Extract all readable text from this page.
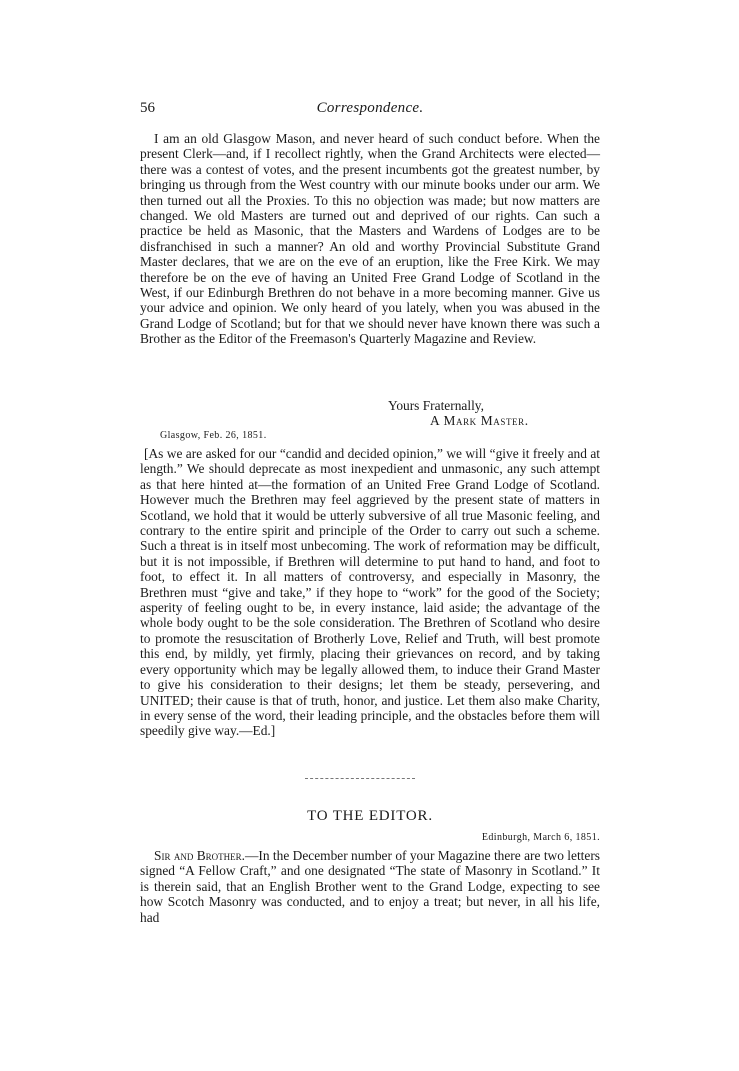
56	Correspondence.

I am an old Glasgow Mason, and never heard of such conduct before. When the present Clerk—and, if I recollect rightly, when the Grand Architects were elected—there was a contest of votes, and the present incumbents got the greatest number, by bringing us through from the West country with our minute books under our arm. We then turned out all the Proxies. To this no objection was made; but now matters are changed. We old Masters are turned out and deprived of our rights. Can such a practice be held as Masonic, that the Masters and Wardens of Lodges are to be disfranchised in such a manner? An old and worthy Provincial Substitute Grand Master declares, that we are on the eve of an eruption, like the Free Kirk. We may therefore be on the eve of having an United Free Grand Lodge of Scotland in the West, if our Edinburgh Brethren do not behave in a more becoming manner. Give us your advice and opinion. We only heard of you lately, when you was abused in the Grand Lodge of Scotland; but for that we should never have known there was such a Brother as the Editor of the Freemason's Quarterly Magazine and Review.

Yours Fraternally,

A Mark Master.

Glasgow, Feb. 26, 1851.

[As we are asked for our “candid and decided opinion,” we will “give it freely and at length.” We should deprecate as most inexpedient and unmasonic, any such attempt as that here hinted at—the formation of an United Free Grand Lodge of Scotland. However much the Brethren may feel aggrieved by the present state of matters in Scotland, we hold that it would be utterly subversive of all true Masonic feeling, and contrary to the entire spirit and principle of the Order to carry out such a scheme. Such a threat is in itself most unbecoming. The work of reformation may be difficult, but it is not impossible, if Brethren will determine to put hand to hand, and foot to foot, to effect it. In all matters of controversy, and especially in Masonry, the Brethren must “give and take,” if they hope to “work” for the good of the Society; asperity of feeling ought to be, in every instance, laid aside; the advantage of the whole body ought to be the sole consideration. The Brethren of Scotland who desire to promote the resuscitation of Brotherly Love, Relief and Truth, will best promote this end, by mildly, yet firmly, placing their grievances on record, and by taking every opportunity which may be legally allowed them, to induce their Grand Master to give his consideration to their designs; let them be steady, persevering, and UNITED; their cause is that of truth, honor, and justice. Let them also make Charity, in every sense of the word, their leading principle, and the obstacles before them will speedily give way.—Ed.]

TO THE EDITOR.
Edinburgh, March 6, 1851.

Sir and Brother.—In the December number of your Magazine there are two letters signed “A Fellow Craft,” and one designated “The state of Masonry in Scotland.” It is therein said, that an English Brother went to the Grand Lodge, expecting to see how Scotch Masonry was conducted, and to enjoy a treat; but never, in all his life, had
